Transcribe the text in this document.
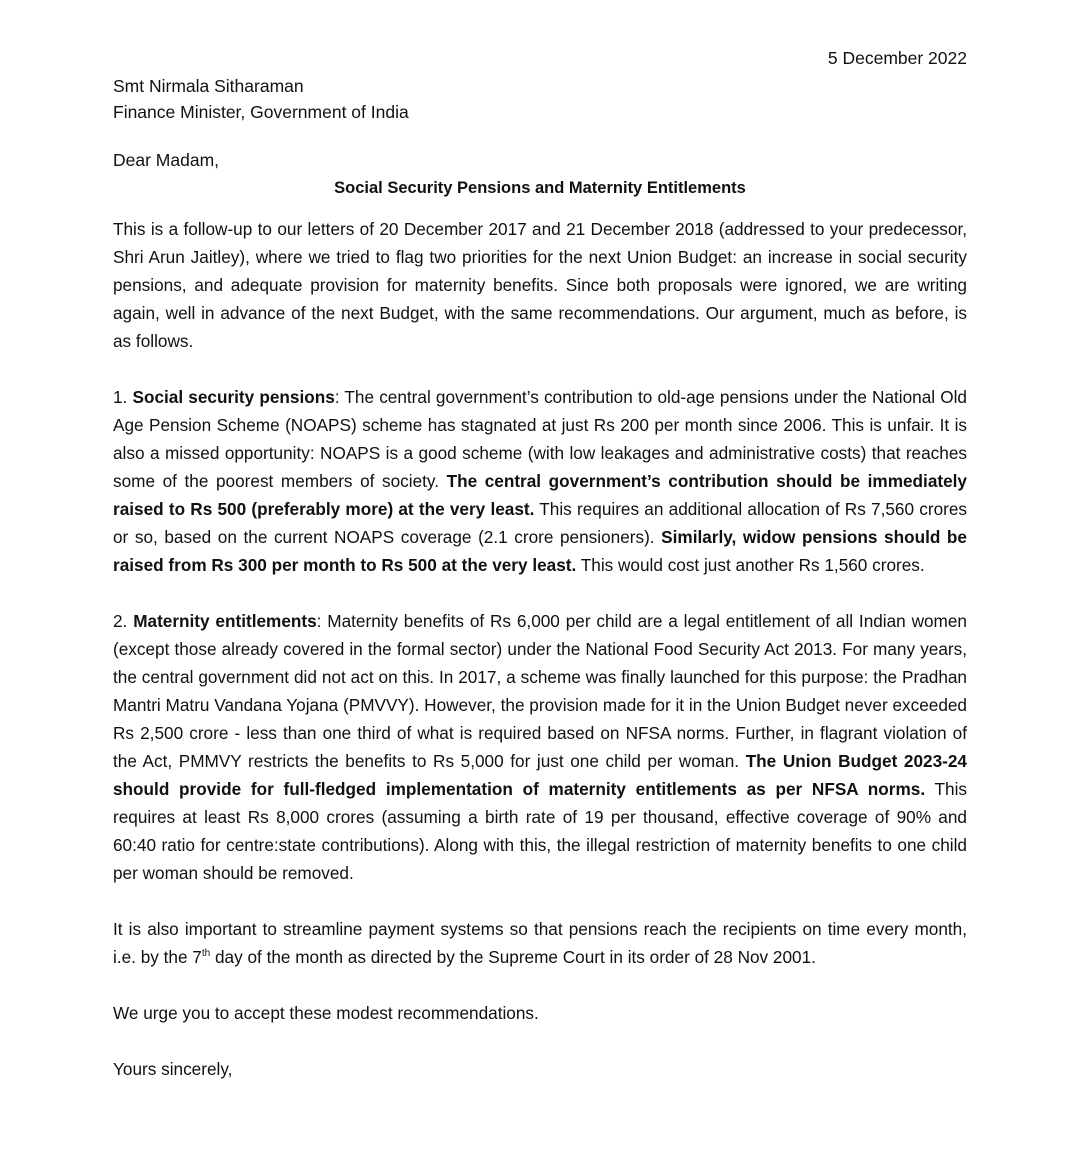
5 December 2022
Smt Nirmala Sitharaman
Finance Minister, Government of India
Dear Madam,
Social Security Pensions and Maternity Entitlements

This is a follow-up to our letters of 20 December 2017 and 21 December 2018 (addressed to your predecessor, Shri Arun Jaitley), where we tried to flag two priorities for the next Union Budget: an increase in social security pensions, and adequate provision for maternity benefits. Since both proposals were ignored, we are writing again, well in advance of the next Budget, with the same recommendations. Our argument, much as before, is as follows.

1. Social security pensions: The central government’s contribution to old-age pensions under the National Old Age Pension Scheme (NOAPS) scheme has stagnated at just Rs 200 per month since 2006. This is unfair. It is also a missed opportunity: NOAPS is a good scheme (with low leakages and administrative costs) that reaches some of the poorest members of society. The central government’s contribution should be immediately raised to Rs 500 (preferably more) at the very least. This requires an additional allocation of Rs 7,560 crores or so, based on the current NOAPS coverage (2.1 crore pensioners). Similarly, widow pensions should be raised from Rs 300 per month to Rs 500 at the very least. This would cost just another Rs 1,560 crores.

2. Maternity entitlements: Maternity benefits of Rs 6,000 per child are a legal entitlement of all Indian women (except those already covered in the formal sector) under the National Food Security Act 2013. For many years, the central government did not act on this. In 2017, a scheme was finally launched for this purpose: the Pradhan Mantri Matru Vandana Yojana (PMVVY). However, the provision made for it in the Union Budget never exceeded Rs 2,500 crore - less than one third of what is required based on NFSA norms. Further, in flagrant violation of the Act, PMMVY restricts the benefits to Rs 5,000 for just one child per woman. The Union Budget 2023-24 should provide for full-fledged implementation of maternity entitlements as per NFSA norms. This requires at least Rs 8,000 crores (assuming a birth rate of 19 per thousand, effective coverage of 90% and 60:40 ratio for centre:state contributions). Along with this, the illegal restriction of maternity benefits to one child per woman should be removed.

It is also important to streamline payment systems so that pensions reach the recipients on time every month, i.e. by the 7th day of the month as directed by the Supreme Court in its order of 28 Nov 2001.

We urge you to accept these modest recommendations.

Yours sincerely,
